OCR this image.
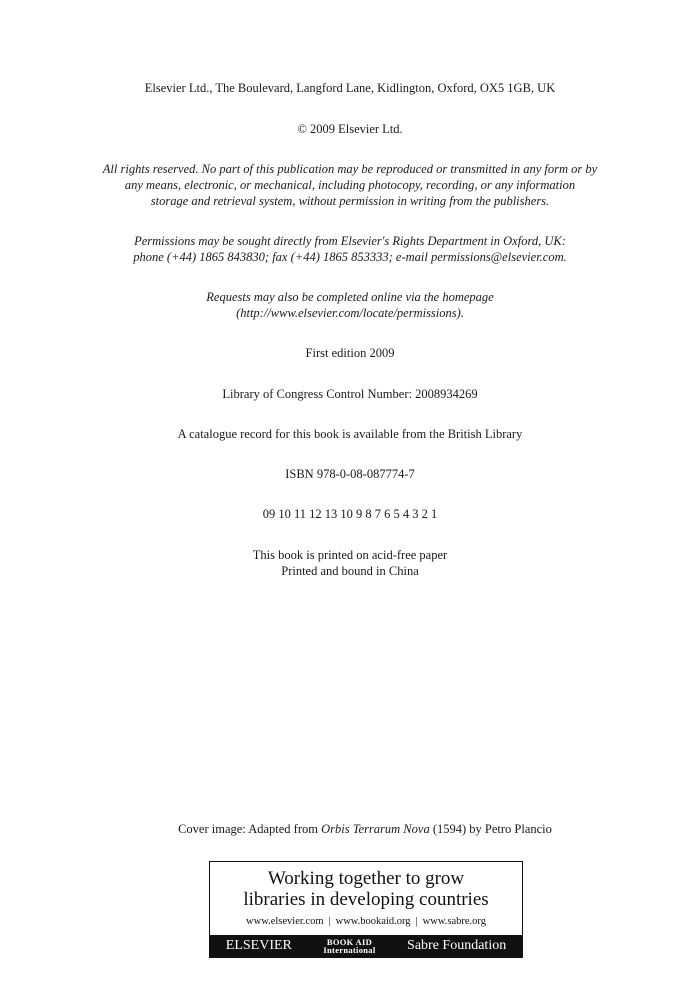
Elsevier Ltd., The Boulevard, Langford Lane, Kidlington, Oxford, OX5 1GB, UK
© 2009 Elsevier Ltd.
All rights reserved. No part of this publication may be reproduced or transmitted in any form or by
any means, electronic, or mechanical, including photocopy, recording, or any information
storage and retrieval system, without permission in writing from the publishers.
Permissions may be sought directly from Elsevier's Rights Department in Oxford, UK:
phone (+44) 1865 843830; fax (+44) 1865 853333; e-mail permissions@elsevier.com.
Requests may also be completed online via the homepage
(http://www.elsevier.com/locate/permissions).
First edition 2009
Library of Congress Control Number: 2008934269
A catalogue record for this book is available from the British Library
ISBN 978-0-08-087774-7
09 10 11 12 13 10 9 8 7 6 5 4 3 2 1
This book is printed on acid-free paper
Printed and bound in China
Cover image: Adapted from Orbis Terrarum Nova (1594) by Petro Plancio
Working together to grow
libraries in developing countries
www.elsevier.com | www.bookaid.org | www.sabre.org
ELSEVIER	BOOK AID
International Sabre Foundation
